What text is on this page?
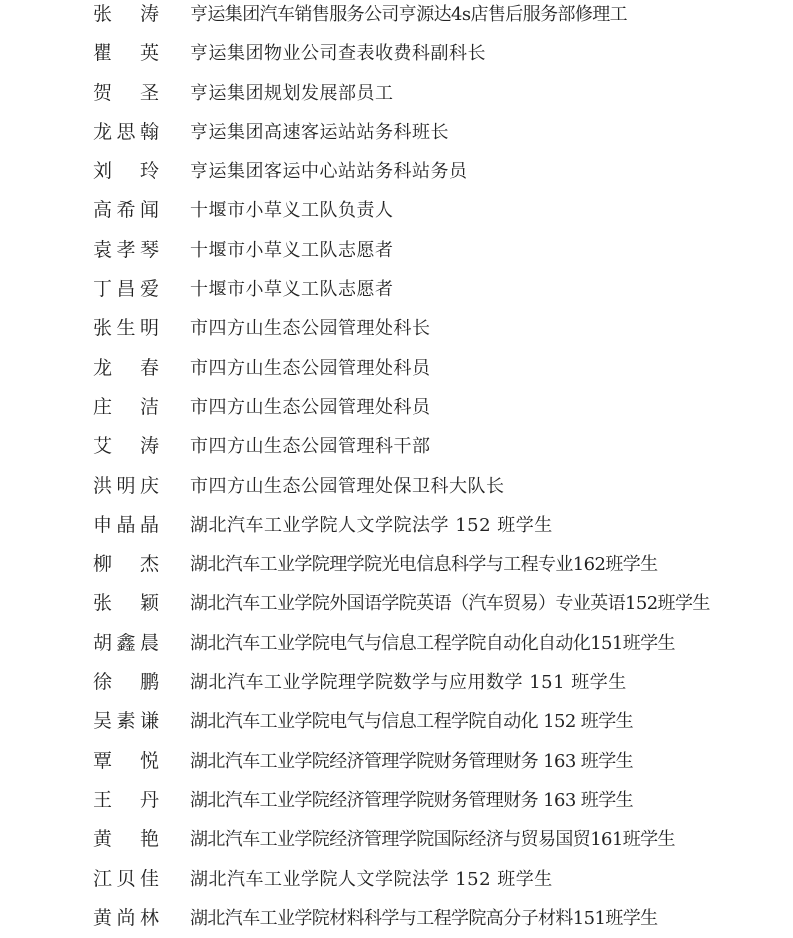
张涛 亨运集团汽车销售服务公司亨源达4s店售后服务部修理工
瞿英 亨运集团物业公司查表收费科副科长
贺圣 亨运集团规划发展部员工
龙思翰 亨运集团高速客运站站务科班长
刘玲 亨运集团客运中心站站务科站务员
高希闻 十堰市小草义工队负责人
袁孝琴 十堰市小草义工队志愿者
丁昌爱 十堰市小草义工队志愿者
张生明 市四方山生态公园管理处科长
龙春 市四方山生态公园管理处科员
庄洁 市四方山生态公园管理处科员
艾涛 市四方山生态公园管理科干部
洪明庆 市四方山生态公园管理处保卫科大队长
申晶晶 湖北汽车工业学院人文学院法学 152 班学生
柳杰 湖北汽车工业学院理学院光电信息科学与工程专业162班学生
张颖 湖北汽车工业学院外国语学院英语（汽车贸易）专业英语152班学生
胡鑫晨 湖北汽车工业学院电气与信息工程学院自动化自动化151班学生
徐鹏 湖北汽车工业学院理学院数学与应用数学 151 班学生
吴素谦 湖北汽车工业学院电气与信息工程学院自动化 152 班学生
覃悦 湖北汽车工业学院经济管理学院财务管理财务 163 班学生
王丹 湖北汽车工业学院经济管理学院财务管理财务 163 班学生
黄艳 湖北汽车工业学院经济管理学院国际经济与贸易国贸161班学生
江贝佳 湖北汽车工业学院人文学院法学 152 班学生
黄尚林 湖北汽车工业学院材料科学与工程学院高分子材料151班学生
